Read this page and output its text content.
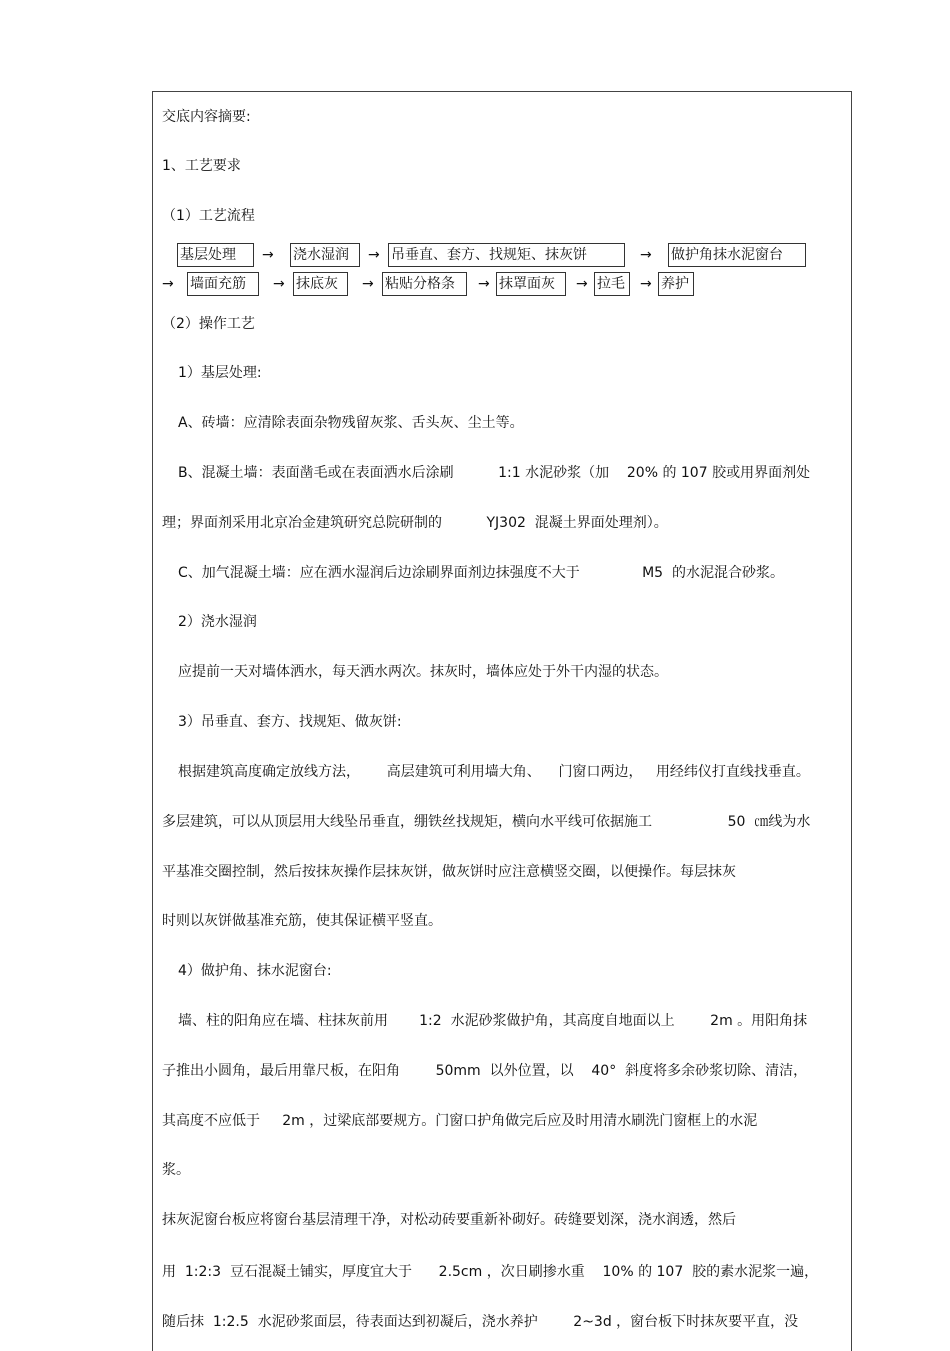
交底内容摘要:
1、工艺要求
（1）工艺流程
基层处理	→ 浇水湿润	→ 吊垂直、套方、找规矩、抹灰饼	→ 做护角抹水泥窗台
→ 墙面充筋	→ 抹底灰	→ 粘贴分格条	→ 抹罩面灰	→ 拉毛	→ 养护
（2）操作工艺
1）基层处理:
A、砖墙：应清除表面杂物残留灰浆、舌头灰、尘土等。
B、混凝土墙：表面凿毛或在表面洒水后涂刷          1:1 水泥砂浆（加    20% 的 107 胶或用界面剂处
理；界面剂采用北京冶金建筑研究总院研制的          YJ302  混凝土界面处理剂）。
C、加气混凝土墙：应在洒水湿润后边涂刷界面剂边抹强度不大于              M5  的水泥混合砂浆。
2）浇水湿润
应提前一天对墙体洒水，每天洒水两次。抹灰时，墙体应处于外干内湿的状态。
3）吊垂直、套方、找规矩、做灰饼:
根据建筑高度确定放线方法，      高层建筑可利用墙大角、    门窗口两边，   用经纬仪打直线找垂直。
多层建筑，可以从顶层用大线坠吊垂直，绷铁丝找规矩，横向水平线可依据施工                 50  ㎝线为水
平基准交圈控制，然后按抹灰操作层抹灰饼，做灰饼时应注意横竖交圈，以便操作。每层抹灰
时则以灰饼做基准充筋，使其保证横平竖直。
4）做护角、抹水泥窗台:
墙、柱的阳角应在墙、柱抹灰前用       1:2  水泥砂浆做护角，其高度自地面以上        2m 。用阳角抹
子推出小圆角，最后用靠尺板，在阳角        50mm  以外位置，以    40°  斜度将多余砂浆切除、清洁，
其高度不应低于     2m ，过梁底部要规方。门窗口护角做完后应及时用清水刷洗门窗框上的水泥
浆。
抹灰泥窗台板应将窗台基层清理干净，对松动砖要重新补砌好。砖缝要划深，浇水润透，然后
用  1:2:3  豆石混凝土铺实，厚度宜大于      2.5cm ，次日刷掺水重    10% 的 107  胶的素水泥浆一遍，
随后抹  1:2.5  水泥砂浆面层，待表面达到初凝后，浇水养护        2~3d ，窗台板下时抹灰要平直，没
